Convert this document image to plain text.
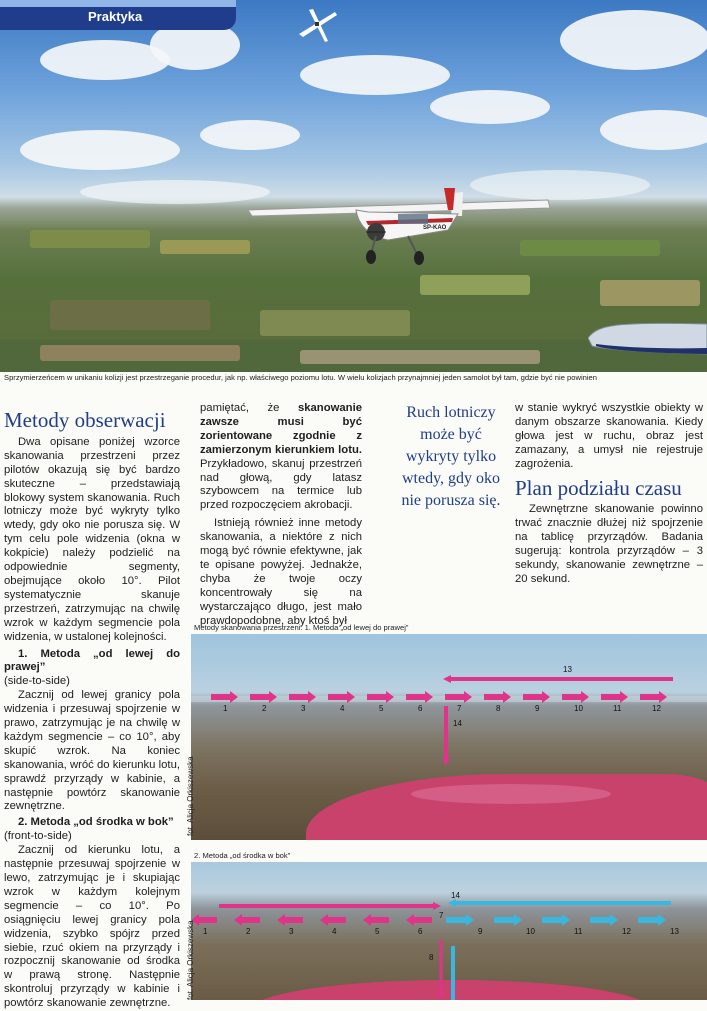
SP-KAO
Praktyka
Sprzymierzeńcem w unikaniu kolizji jest przestrzeganie procedur, jak np. właściwego poziomu lotu. W wielu kolizjach przynajmniej jeden samolot był tam, gdzie być nie powinien
Metody obserwacji

Dwa opisane poniżej wzorce skanowania przestrzeni przez pilotów okazują się być bardzo skuteczne – przedstawiają blokowy system skanowania. Ruch lotniczy może być wykryty tylko wtedy, gdy oko nie porusza się. W tym celu pole widzenia (okna w kokpicie) należy podzielić na odpowiednie segmenty, obejmujące około 10°. Pilot systematycznie skanuje przestrzeń, zatrzymując na chwilę wzrok w każdym segmencie pola widzenia, w ustalonej kolejności.

1. Metoda „od lewej do prawej”

(side-to-side)

Zacznij od lewej granicy pola widzenia i przesuwaj spojrzenie w prawo, zatrzymując je na chwilę w każdym segmencie – co 10°, aby skupić wzrok. Na koniec skanowania, wróć do kierunku lotu, sprawdź przyrządy w kabinie, a następnie powtórz skanowanie zewnętrzne.

2. Metoda „od środka w bok”

(front-to-side)

Zacznij od kierunku lotu, a następnie przesuwaj spojrzenie w lewo, zatrzymując je i skupiając wzrok w każdym kolejnym segmencie – co 10°. Po osiągnięciu lewej granicy pola widzenia, szybko spójrz przed siebie, rzuć okiem na przyrządy i rozpocznij skanowanie od środka w prawą stronę. Następnie skontroluj przyrządy w kabinie i powtórz skanowanie zewnętrzne.

pamiętać, że skanowanie zawsze musi być zorientowane zgodnie z zamierzonym kierunkiem lotu. Przykładowo, skanuj przestrzeń nad głową, gdy latasz szybowcem na termice lub przed rozpoczęciem akrobacji.

Istnieją również inne metody skanowania, a niektóre z nich mogą być równie efektywne, jak te opisane powyżej. Jednakże, chyba że twoje oczy koncentrowały się na wystarczająco długo, jest mało prawdopodobne, aby ktoś był

Ruch lotniczy może być wykryty tylko wtedy, gdy oko nie porusza się.

w stanie wykryć wszystkie obiekty w danym obszarze skanowania. Kiedy głowa jest w ruchu, obraz jest zamazany, a umysł nie rejestruje zagrożenia.

Plan podziału czasu

Zewnętrzne skanowanie powinno trwać znacznie dłużej niż spojrzenie na tablicę przyrządów. Badania sugerują: kontrola przyrządów – 3 sekundy, skanowanie zewnętrzne – 20 sekund.

Metody skanowania przestrzeni: 1. Metoda „od lewej do prawej”
1	2	3	4	5	6	7	8	9	10	11	12
13
14
fot. Alicja Orkiszewska
2. Metoda „od środka w bok”
7
14
6
5
4
3
2
1	9	10	11	12	13
8
fot. Alicja Orkiszewska
